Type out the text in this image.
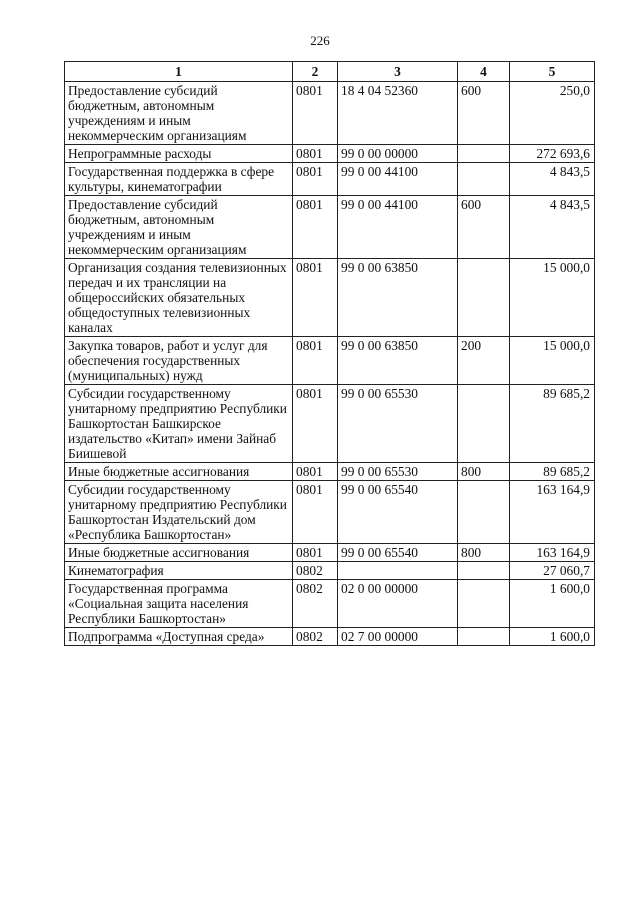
226
1	2	3	4	5
Предоставление субсидий бюджетным, автономным учреждениям и иным некоммерческим организациям	0801	18 4 04 52360	600	250,0
Непрограммные расходы	0801	99 0 00 00000		272 693,6
Государственная поддержка в сфере культуры, кинематографии	0801	99 0 00 44100		4 843,5
Предоставление субсидий бюджетным, автономным учреждениям и иным некоммерческим организациям	0801	99 0 00 44100	600	4 843,5
Организация создания телевизионных передач и их трансляции на общероссийских обязательных общедоступных телевизионных каналах	0801	99 0 00 63850		15 000,0
Закупка товаров, работ и услуг для обеспечения государственных (муниципальных) нужд	0801	99 0 00 63850	200	15 000,0
Субсидии государственному унитарному предприятию Республики Башкортостан Башкирское издательство «Китап» имени Зайнаб Биишевой	0801	99 0 00 65530		89 685,2
Иные бюджетные ассигнования	0801	99 0 00 65530	800	89 685,2
Субсидии государственному унитарному предприятию Республики Башкортостан Издательский дом «Республика Башкортостан»	0801	99 0 00 65540		163 164,9
Иные бюджетные ассигнования	0801	99 0 00 65540	800	163 164,9
Кинематография	0802			27 060,7
Государственная программа «Социальная защита населения Республики Башкортостан»	0802	02 0 00 00000		1 600,0
Подпрограмма «Доступная среда»	0802	02 7 00 00000		1 600,0
